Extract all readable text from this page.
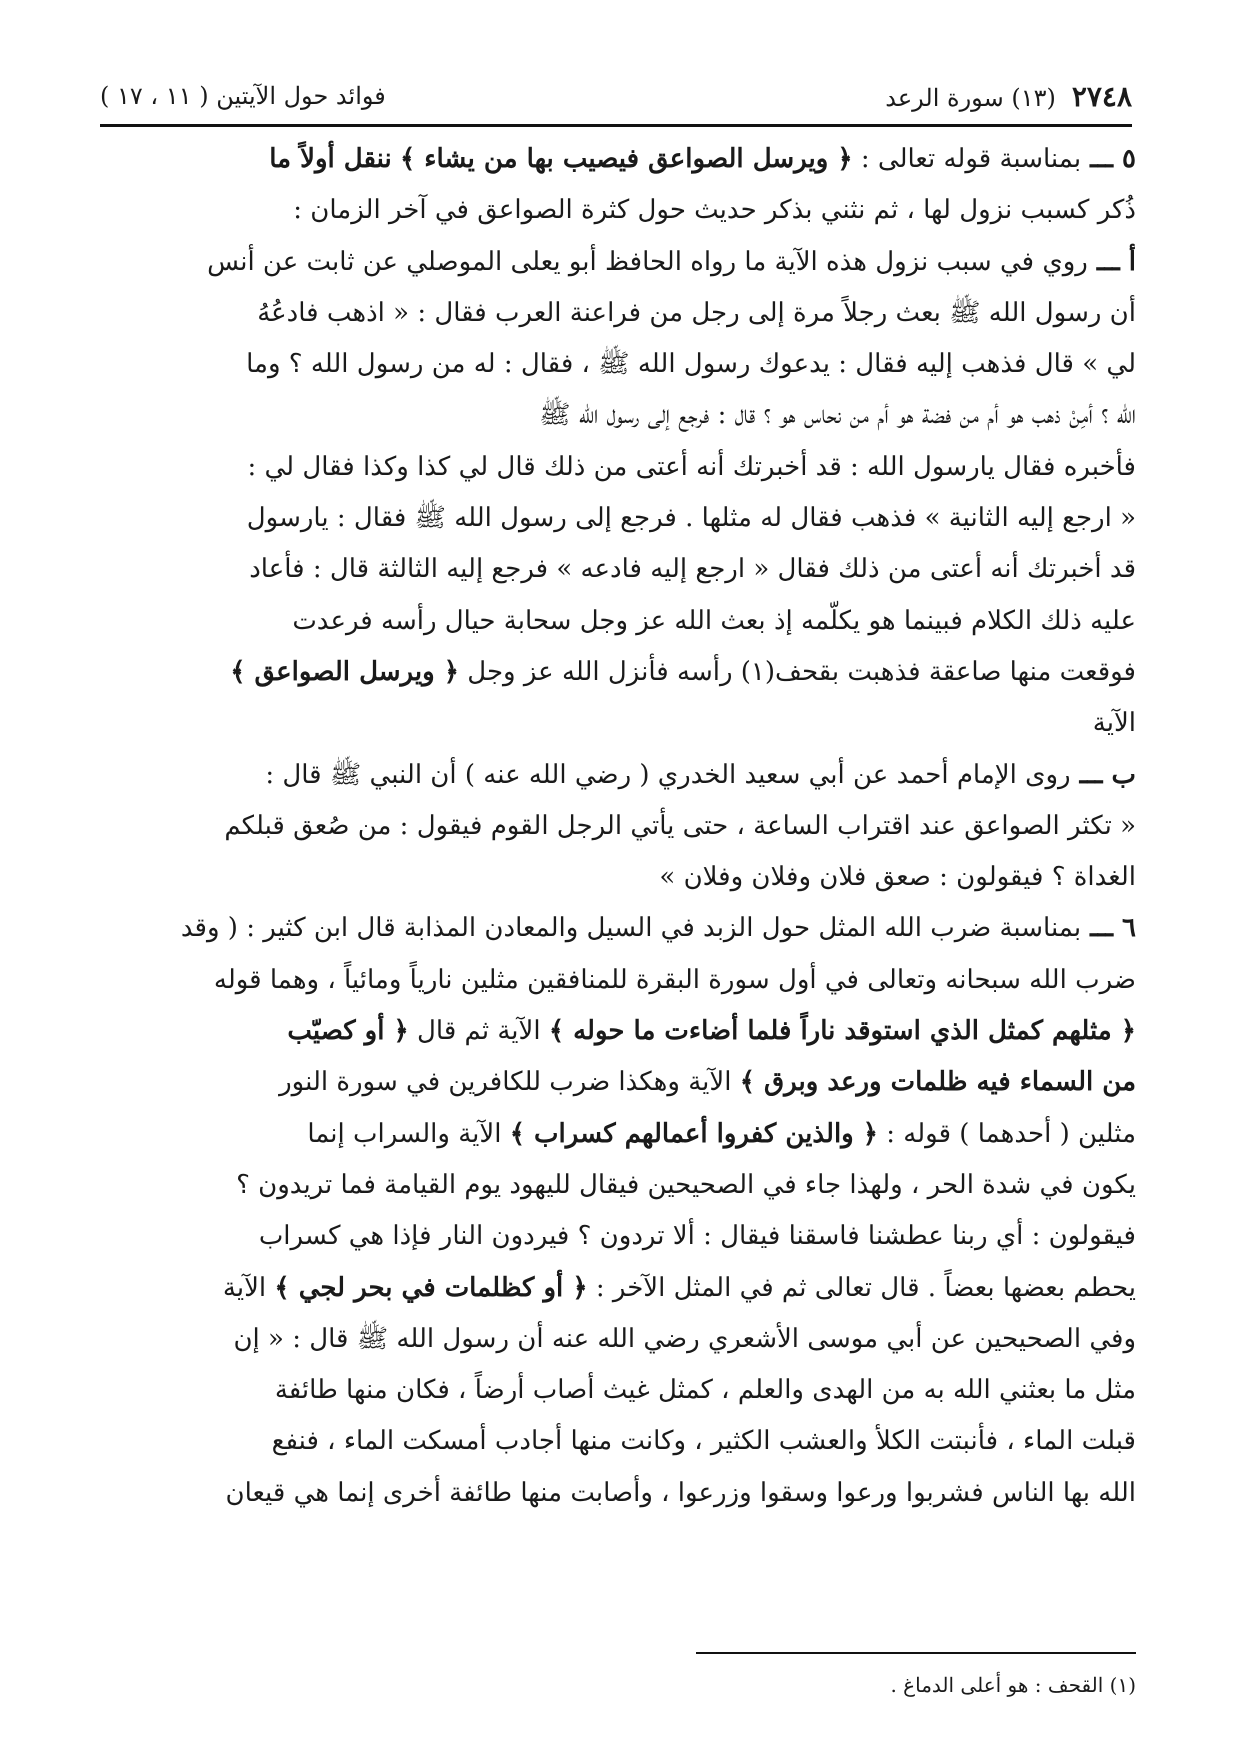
٢٧٤٨
(١٣) سورة الرعد
فوائد حول الآيتين ( ١١ ، ١٧ )
٥ ـــ بمناسبة قوله تعالى : ﴿ ويرسل الصواعق فيصيب بها من يشاء ﴾ ننقل أولاً ما
ذُكر كسبب نزول لها ، ثم نثني بذكر حديث حول كثرة الصواعق في آخر الزمان :
أ ـــ روي في سبب نزول هذه الآية ما رواه الحافظ أبو يعلى الموصلي عن ثابت عن أنس
أن رسول الله ﷺ بعث رجلاً مرة إلى رجل من فراعنة العرب فقال : « اذهب فادعُهُ
لي » قال فذهب إليه فقال : يدعوك رسول الله ﷺ ، فقال : له من رسول الله ؟ وما
الله ؟ أمِنْ ذهب هو أم من فضة هو أم من نحاس هو ؟ قال : فرجع إلى رسول الله ﷺ
فأخبره فقال يارسول الله : قد أخبرتك أنه أعتى من ذلك قال لي كذا وكذا فقال لي :
« ارجع إليه الثانية » فذهب فقال له مثلها . فرجع إلى رسول الله ﷺ فقال : يارسول
قد أخبرتك أنه أعتى من ذلك فقال « ارجع إليه فادعه » فرجع إليه الثالثة قال : فأعاد
عليه ذلك الكلام فبينما هو يكلّمه إذ بعث الله عز وجل سحابة حيال رأسه فرعدت
فوقعت منها صاعقة فذهبت بقحف(١) رأسه فأنزل الله عز وجل ﴿ ويرسل الصواعق ﴾
الآية
ب ـــ روى الإمام أحمد عن أبي سعيد الخدري ( رضي الله عنه ) أن النبي ﷺ قال :
« تكثر الصواعق عند اقتراب الساعة ، حتى يأتي الرجل القوم فيقول : من صُعق قبلكم
الغداة ؟ فيقولون : صعق فلان وفلان وفلان »
٦ ـــ بمناسبة ضرب الله المثل حول الزبد في السيل والمعادن المذابة قال ابن كثير : ( وقد
ضرب الله سبحانه وتعالى في أول سورة البقرة للمنافقين مثلين نارياً ومائياً ، وهما قوله
﴿ مثلهم كمثل الذي استوقد ناراً فلما أضاءت ما حوله ﴾ الآية ثم قال ﴿ أو كصيّب
من السماء فيه ظلمات ورعد وبرق ﴾ الآية وهكذا ضرب للكافرين في سورة النور
مثلين ( أحدهما ) قوله : ﴿ والذين كفروا أعمالهم كسراب ﴾ الآية والسراب إنما
يكون في شدة الحر ، ولهذا جاء في الصحيحين فيقال لليهود يوم القيامة فما تريدون ؟
فيقولون : أي ربنا عطشنا فاسقنا فيقال : ألا تردون ؟ فيردون النار فإذا هي كسراب
يحطم بعضها بعضاً . قال تعالى ثم في المثل الآخر : ﴿ أو كظلمات في بحر لجي ﴾ الآية
وفي الصحيحين عن أبي موسى الأشعري رضي الله عنه أن رسول الله ﷺ قال : « إن
مثل ما بعثني الله به من الهدى والعلم ، كمثل غيث أصاب أرضاً ، فكان منها طائفة
قبلت الماء ، فأنبتت الكلأ والعشب الكثير ، وكانت منها أجادب أمسكت الماء ، فنفع
الله بها الناس فشربوا ورعوا وسقوا وزرعوا ، وأصابت منها طائفة أخرى إنما هي قيعان
(١) القحف : هو أعلى الدماغ .
